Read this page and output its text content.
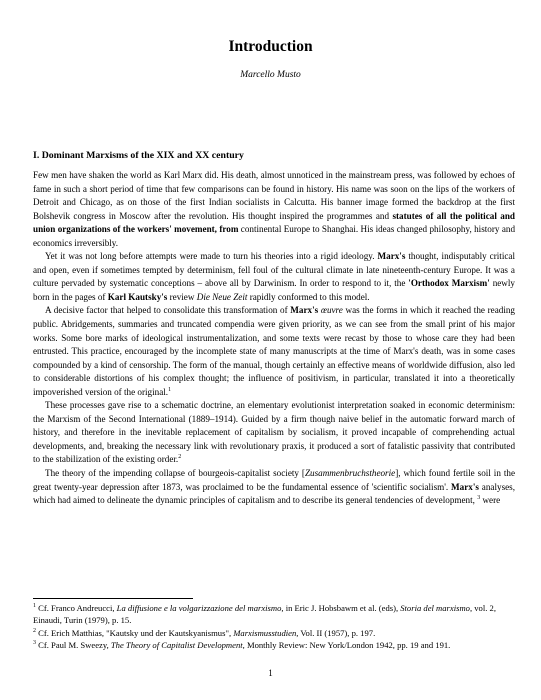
Introduction

Marcello Musto

I. Dominant Marxisms of the XIX and XX century

Few men have shaken the world as Karl Marx did. His death, almost unnoticed in the mainstream press, was followed by echoes of fame in such a short period of time that few comparisons can be found in history. His name was soon on the lips of the workers of Detroit and Chicago, as on those of the first Indian socialists in Calcutta. His banner image formed the backdrop at the first Bolshevik congress in Moscow after the revolution. His thought inspired the programmes and statutes of all the political and union organizations of the workers' movement, from continental Europe to Shanghai. His ideas changed philosophy, history and economics irreversibly.

Yet it was not long before attempts were made to turn his theories into a rigid ideology. Marx's thought, indisputably critical and open, even if sometimes tempted by determinism, fell foul of the cultural climate in late nineteenth-century Europe. It was a culture pervaded by systematic conceptions – above all by Darwinism. In order to respond to it, the 'Orthodox Marxism' newly born in the pages of Karl Kautsky's review Die Neue Zeit rapidly conformed to this model.

A decisive factor that helped to consolidate this transformation of Marx's œuvre was the forms in which it reached the reading public. Abridgements, summaries and truncated compendia were given priority, as we can see from the small print of his major works. Some bore marks of ideological instrumentalization, and some texts were recast by those to whose care they had been entrusted. This practice, encouraged by the incomplete state of many manuscripts at the time of Marx's death, was in some cases compounded by a kind of censorship. The form of the manual, though certainly an effective means of worldwide diffusion, also led to considerable distortions of his complex thought; the influence of positivism, in particular, translated it into a theoretically impoverished version of the original.$^1$

These processes gave rise to a schematic doctrine, an elementary evolutionist interpretation soaked in economic determinism: the Marxism of the Second International (1889–1914). Guided by a firm though naive belief in the automatic forward march of history, and therefore in the inevitable replacement of capitalism by socialism, it proved incapable of comprehending actual developments, and, breaking the necessary link with revolutionary praxis, it produced a sort of fatalistic passivity that contributed to the stabilization of the existing order.$^2$

The theory of the impending collapse of bourgeois-capitalist society [Zusammenbruchstheorie], which found fertile soil in the great twenty-year depression after 1873, was proclaimed to be the fundamental essence of 'scientific socialism'. Marx's analyses, which had aimed to delineate the dynamic principles of capitalism and to describe its general tendencies of development, $^3$ were

$^1$ Cf. Franco Andreucci, La diffusione e la volgarizzazione del marxismo, in Eric J. Hobsbawm et al. (eds), Storia del marxismo, vol. 2, Einaudi, Turin (1979), p. 15.

$^2$ Cf. Erich Matthias, "Kautsky und der Kautskyanismus", Marxismusstudien, Vol. II (1957), p. 197.

$^3$ Cf. Paul M. Sweezy, The Theory of Capitalist Development, Monthly Review: New York/London 1942, pp. 19 and 191.

1
